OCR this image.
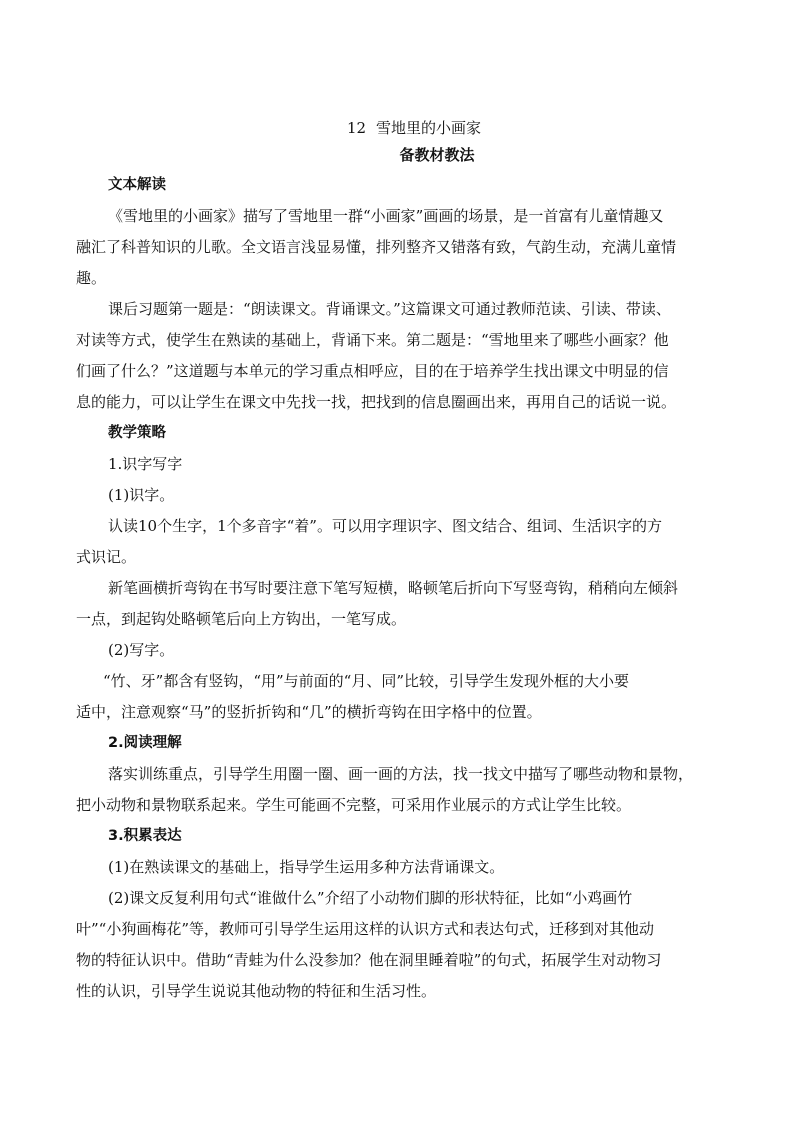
12 雪地里的小画家
备教材教法
文本解读
《雪地里的小画家》描写了雪地里一群“小画家”画画的场景，是一首富有儿童情趣又
融汇了科普知识的儿歌。全文语言浅显易懂，排列整齐又错落有致，气韵生动，充满儿童情
趣。
课后习题第一题是：“朗读课文。背诵课文。”这篇课文可通过教师范读、引读、带读、
对读等方式，使学生在熟读的基础上，背诵下来。第二题是：“雪地里来了哪些小画家？他
们画了什么？”这道题与本单元的学习重点相呼应，目的在于培养学生找出课文中明显的信
息的能力，可以让学生在课文中先找一找，把找到的信息圈画出来，再用自己的话说一说。
教学策略
1.识字写字
(1)识字。
认读10个生字，1个多音字“着”。可以用字理识字、图文结合、组词、生活识字的方
式识记。
新笔画横折弯钩在书写时要注意下笔写短横，略顿笔后折向下写竖弯钩，稍稍向左倾斜
一点，到起钩处略顿笔后向上方钩出，一笔写成。
(2)写字。
“竹、牙”都含有竖钩，“用”与前面的“月、同”比较，引导学生发现外框的大小要
适中，注意观察“马”的竖折折钩和“几”的横折弯钩在田字格中的位置。
2.阅读理解
落实训练重点，引导学生用圈一圈、画一画的方法，找一找文中描写了哪些动物和景物，
把小动物和景物联系起来。学生可能画不完整，可采用作业展示的方式让学生比较。
3.积累表达
(1)在熟读课文的基础上，指导学生运用多种方法背诵课文。
(2)课文反复利用句式“谁做什么”介绍了小动物们脚的形状特征，比如“小鸡画竹
叶”“小狗画梅花”等，教师可引导学生运用这样的认识方式和表达句式，迁移到对其他动
物的特征认识中。借助“青蛙为什么没参加？他在洞里睡着啦”的句式，拓展学生对动物习
性的认识，引导学生说说其他动物的特征和生活习性。
